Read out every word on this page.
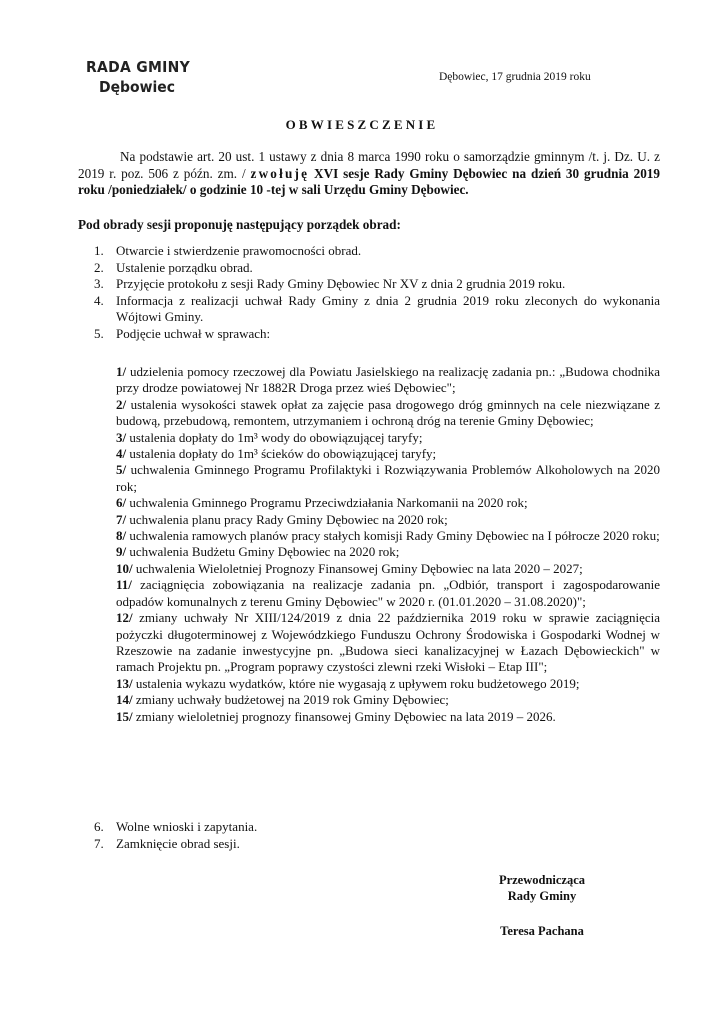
RADA GMINY
Dębowiec
Dębowiec, 17 grudnia 2019 roku
OBWIESZCZENIE

Na podstawie art. 20 ust. 1 ustawy z dnia 8 marca 1990 roku o samorządzie gminnym /t. j. Dz. U. z 2019 r. poz. 506 z późn. zm. / zwołuję XVI sesje Rady Gminy Dębowiec na dzień 30 grudnia 2019 roku /poniedziałek/ o godzinie 10 -tej w sali Urzędu Gminy Dębowiec.

Pod obrady sesji proponuję następujący porządek obrad:
1. Otwarcie i stwierdzenie prawomocności obrad.
2. Ustalenie porządku obrad.
3. Przyjęcie protokołu z sesji Rady Gminy Dębowiec Nr XV z dnia 2 grudnia 2019 roku.
4. Informacja z realizacji uchwał Rady Gminy z dnia 2 grudnia 2019 roku zleconych do wykonania Wójtowi Gminy.
5. Podjęcie uchwał w sprawach:
1/ udzielenia pomocy rzeczowej dla Powiatu Jasielskiego na realizację zadania pn.: „Budowa chodnika przy drodze powiatowej Nr 1882R Droga przez wieś Dębowiec";
2/ ustalenia wysokości stawek opłat za zajęcie pasa drogowego dróg gminnych na cele niezwiązane z budową, przebudową, remontem, utrzymaniem i ochroną dróg na terenie Gminy Dębowiec;
3/ ustalenia dopłaty do 1m³ wody do obowiązującej taryfy;
4/ ustalenia dopłaty do 1m³ ścieków do obowiązującej taryfy;
5/ uchwalenia Gminnego Programu Profilaktyki i Rozwiązywania Problemów Alkoholowych na 2020 rok;
6/ uchwalenia Gminnego Programu Przeciwdziałania Narkomanii na 2020 rok;
7/ uchwalenia planu pracy Rady Gminy Dębowiec na 2020 rok;
8/ uchwalenia ramowych planów pracy stałych komisji Rady Gminy Dębowiec na I półrocze 2020 roku;
9/ uchwalenia Budżetu Gminy Dębowiec na 2020 rok;
10/ uchwalenia Wieloletniej Prognozy Finansowej Gminy Dębowiec na lata 2020 – 2027;
11/ zaciągnięcia zobowiązania na realizacje zadania pn. „Odbiór, transport i zagospodarowanie odpadów komunalnych z terenu Gminy Dębowiec" w 2020 r. (01.01.2020 – 31.08.2020)";
12/ zmiany uchwały Nr XIII/124/2019 z dnia 22 października 2019 roku w sprawie zaciągnięcia pożyczki długoterminowej z Wojewódzkiego Funduszu Ochrony Środowiska i Gospodarki Wodnej w Rzeszowie na zadanie inwestycyjne pn. „Budowa sieci kanalizacyjnej w Łazach Dębowieckich" w ramach Projektu pn. „Program poprawy czystości zlewni rzeki Wisłoki – Etap III";
13/ ustalenia wykazu wydatków, które nie wygasają z upływem roku budżetowego 2019;
14/ zmiany uchwały budżetowej na 2019 rok Gminy Dębowiec;
15/ zmiany wieloletniej prognozy finansowej Gminy Dębowiec na lata 2019 – 2026.
6. Wolne wnioski i zapytania.
7. Zamknięcie obrad sesji.
Przewodnicząca
Rady Gminy
Teresa Pachana
